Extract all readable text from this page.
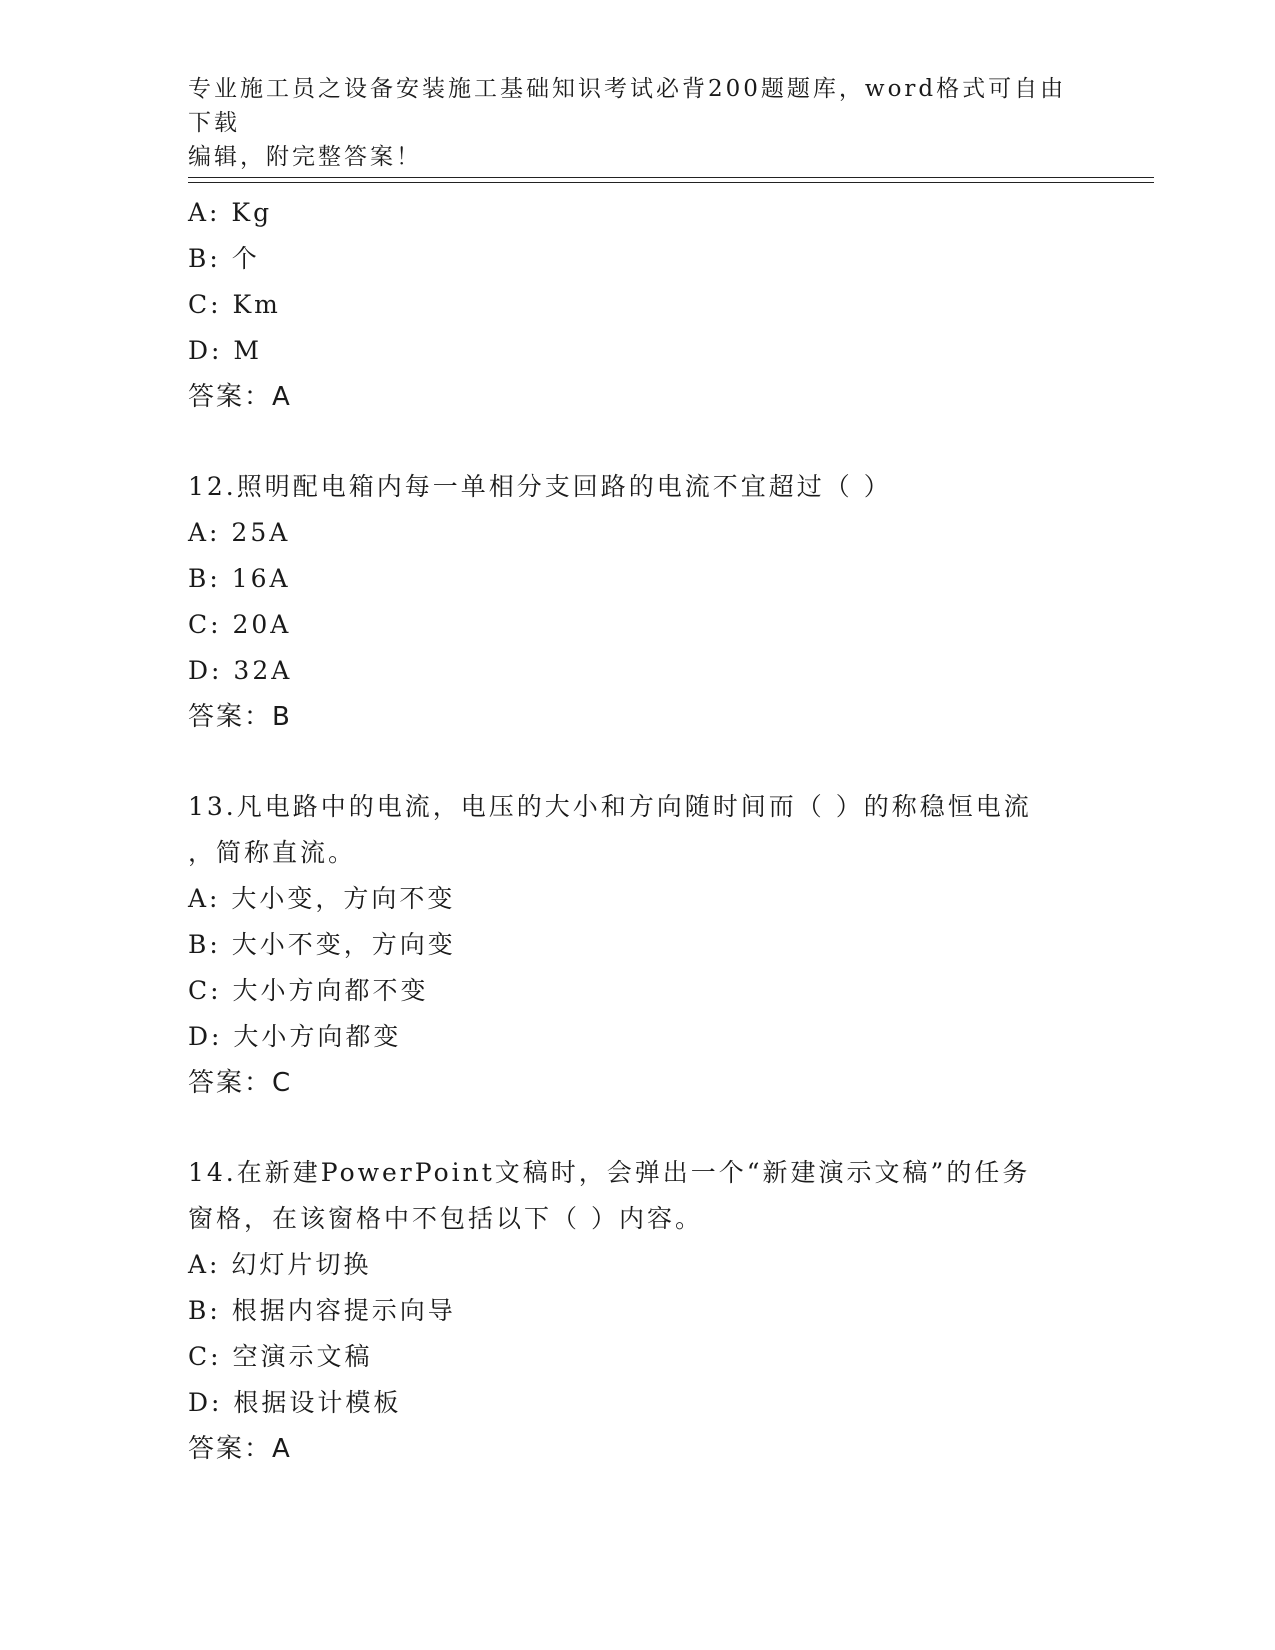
专业施工员之设备安装施工基础知识考试必背200题题库，word格式可自由下载
编辑，附完整答案！

A: Kg

B: 个

C: Km

D: M

答案：A

12.照明配电箱内每一单相分支回路的电流不宜超过（ ）

A: 25A

B: 16A

C: 20A

D: 32A

答案：B

13.凡电路中的电流，电压的大小和方向随时间而（ ）的称稳恒电流

，简称直流。

A: 大小变，方向不变

B: 大小不变，方向变

C: 大小方向都不变

D: 大小方向都变

答案：C

14.在新建PowerPoint文稿时，会弹出一个“新建演示文稿”的任务

窗格，在该窗格中不包括以下（ ）内容。

A: 幻灯片切换

B: 根据内容提示向导

C: 空演示文稿

D: 根据设计模板

答案：A
